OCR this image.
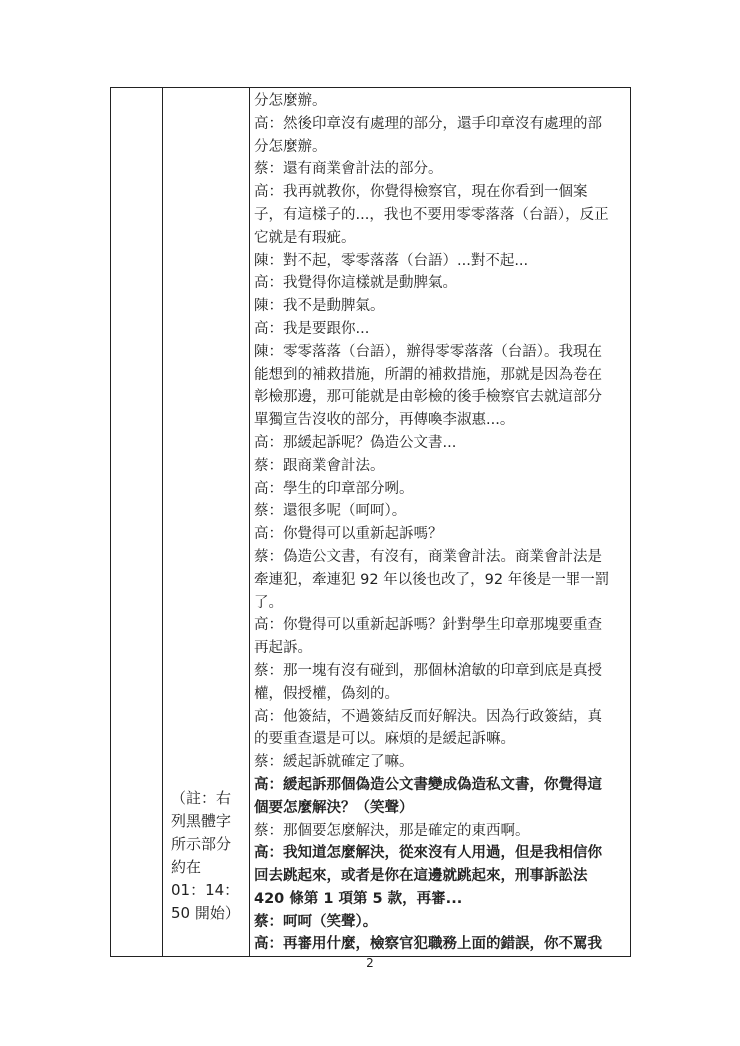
（註：右
列黑體字
所示部分
約在
01：14：
50 開始）

分怎麼辦。
高：然後印章沒有處理的部分，還手印章沒有處理的部
分怎麼辦。
蔡：還有商業會計法的部分。
高：我再就教你，你覺得檢察官，現在你看到一個案
子，有這樣子的...，我也不要用零零落落（台語），反正
它就是有瑕疵。
陳：對不起，零零落落（台語）...對不起...
高：我覺得你這樣就是動脾氣。
陳：我不是動脾氣。
高：我是要跟你...
陳：零零落落（台語），辦得零零落落（台語）。我現在
能想到的補救措施，所謂的補救措施，那就是因為卷在
彰檢那邊，那可能就是由彰檢的後手檢察官去就這部分
單獨宣告沒收的部分，再傳喚李淑惠...。
高：那緩起訴呢？偽造公文書...
蔡：跟商業會計法。
高：學生的印章部分咧。
蔡：還很多呢（呵呵）。
高：你覺得可以重新起訴嗎？
蔡：偽造公文書，有沒有，商業會計法。商業會計法是
牽連犯，牽連犯 92 年以後也改了，92 年後是一罪一罰
了。
高：你覺得可以重新起訴嗎？針對學生印章那塊要重查
再起訴。
蔡：那一塊有沒有碰到，那個林滄敏的印章到底是真授
權，假授權，偽刻的。
高：他簽結，不過簽結反而好解決。因為行政簽結，真
的要重查還是可以。麻煩的是緩起訴嘛。
蔡：緩起訴就確定了嘛。
高：緩起訴那個偽造公文書變成偽造私文書，你覺得這
個要怎麼解決？（笑聲）
蔡：那個要怎麼解決，那是確定的東西啊。
高：我知道怎麼解決，從來沒有人用過，但是我相信你
回去跳起來，或者是你在這邊就跳起來，刑事訴訟法
420 條第 1 項第 5 款，再審...
蔡：呵呵（笑聲）。
高：再審用什麼，檢察官犯職務上面的錯誤，你不罵我
2
